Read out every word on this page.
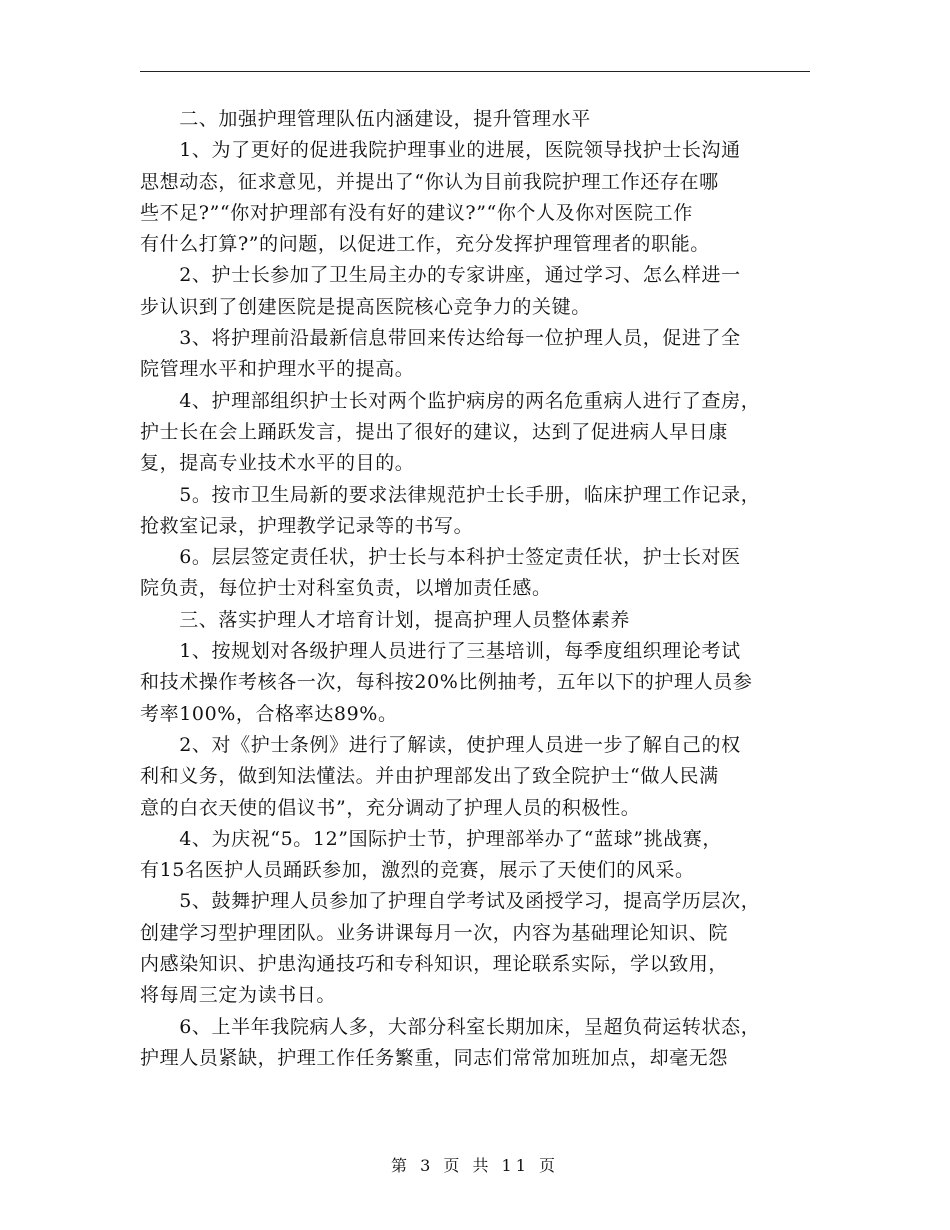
　　二、加强护理管理队伍内涵建设，提升管理水平
　　1、为了更好的促进我院护理事业的进展，医院领导找护士长沟通
思想动态，征求意见，并提出了“你认为目前我院护理工作还存在哪
些不足?”“你对护理部有没有好的建议?”“你个人及你对医院工作
有什么打算?”的问题，以促进工作，充分发挥护理管理者的职能。
　　2、护士长参加了卫生局主办的专家讲座，通过学习、怎么样进一
步认识到了创建医院是提高医院核心竞争力的关键。
　　3、将护理前沿最新信息带回来传达给每一位护理人员，促进了全
院管理水平和护理水平的提高。
　　4、护理部组织护士长对两个监护病房的两名危重病人进行了查房，
护士长在会上踊跃发言，提出了很好的建议，达到了促进病人早日康
复，提高专业技术水平的目的。
　　5。按市卫生局新的要求法律规范护士长手册，临床护理工作记录，
抢救室记录，护理教学记录等的书写。
　　6。层层签定责任状，护士长与本科护士签定责任状，护士长对医
院负责，每位护士对科室负责，以增加责任感。
　　三、落实护理人才培育计划，提高护理人员整体素养
　　1、按规划对各级护理人员进行了三基培训，每季度组织理论考试
和技术操作考核各一次，每科按20%比例抽考，五年以下的护理人员参
考率100%，合格率达89%。
　　2、对《护士条例》进行了解读，使护理人员进一步了解自己的权
利和义务，做到知法懂法。并由护理部发出了致全院护士“做人民满
意的白衣天使的倡议书”，充分调动了护理人员的积极性。
　　4、为庆祝“5。12”国际护士节，护理部举办了“蓝球”挑战赛，
有15名医护人员踊跃参加，激烈的竞赛，展示了天使们的风采。
　　5、鼓舞护理人员参加了护理自学考试及函授学习，提高学历层次，
创建学习型护理团队。业务讲课每月一次，内容为基础理论知识、院
内感染知识、护患沟通技巧和专科知识，理论联系实际，学以致用，
将每周三定为读书日。
　　6、上半年我院病人多，大部分科室长期加床，呈超负荷运转状态，
护理人员紧缺，护理工作任务繁重，同志们常常加班加点，却毫无怨
第 3 页 共 11 页
